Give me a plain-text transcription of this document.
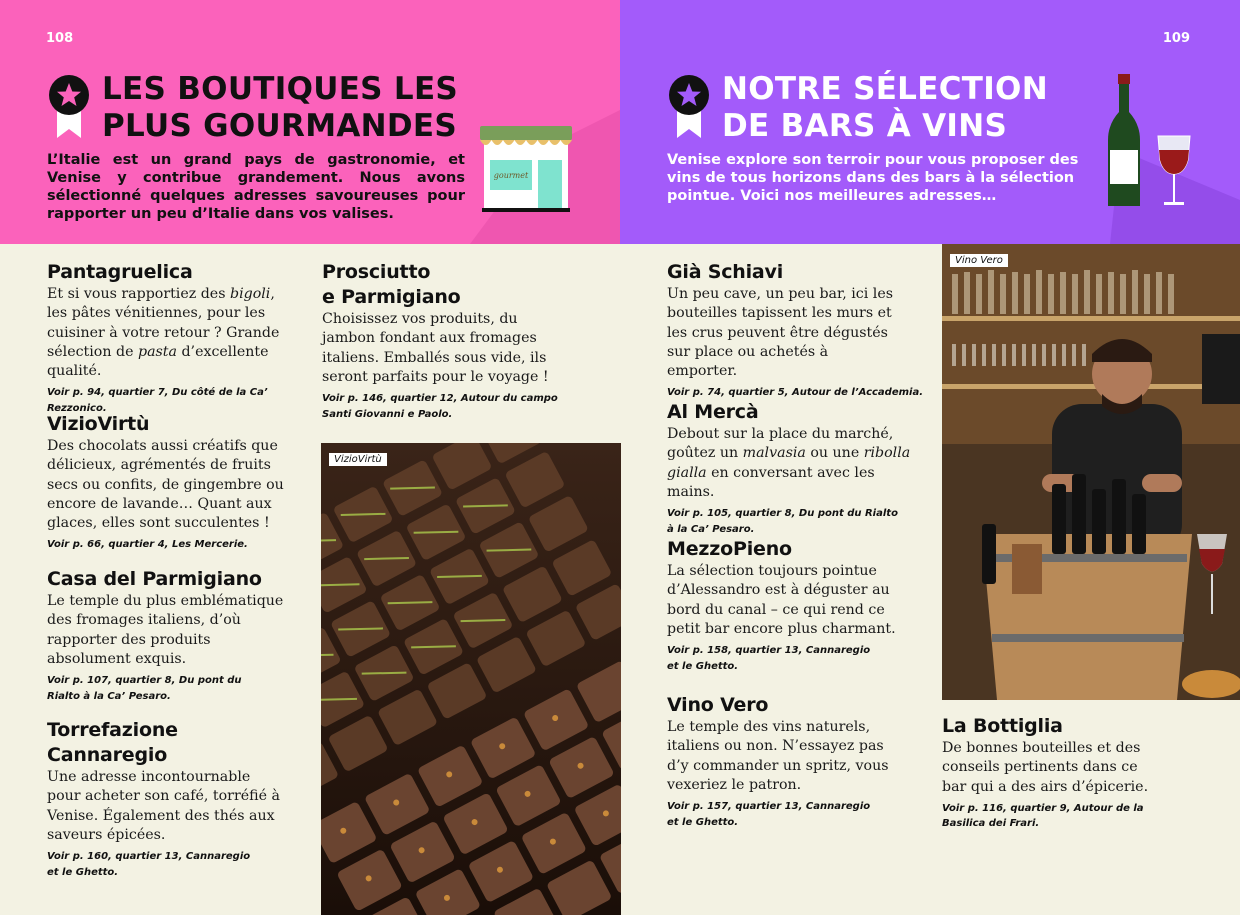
108
LES BOUTIQUES LES
PLUS GOURMANDES
L’Italie est un grand pays de gastronomie, et Venise y contribue grandement. Nous avons sélectionné quelques adresses savoureuses pour rapporter un peu d’Italie dans vos valises.
gourmet
109
NOTRE SÉLECTION
DE BARS À VINS
Venise explore son terroir pour vous proposer des vins de tous horizons dans des bars à la sélection pointue. Voici nos meilleures adresses…
Pantagruelica

Et si vous rapportiez des bigoli, les pâtes vénitiennes, pour les cuisiner à votre retour ? Grande sélection de pasta d’excellente qualité.

Voir p. 94, quartier 7, Du côté de la Ca’ Rezzonico.
VizioVirtù

Des chocolats aussi créatifs que délicieux, agrémentés de fruits secs ou confits, de gingembre ou encore de lavande… Quant aux glaces, elles sont succulentes !

Voir p. 66, quartier 4, Les Mercerie.
Casa del Parmigiano

Le temple du plus emblématique des fromages italiens, d’où rapporter des produits absolument exquis.

Voir p. 107, quartier 8, Du pont du Rialto à la Ca’ Pesaro.
Torrefazione
Cannaregio

Une adresse incontournable pour acheter son café, torréfié à Venise. Également des thés aux saveurs épicées.

Voir p. 160, quartier 13, Cannaregio et le Ghetto.
Prosciutto
e Parmigiano

Choisissez vos produits, du jambon fondant aux fromages italiens. Emballés sous vide, ils seront parfaits pour le voyage !

Voir p. 146, quartier 12, Autour du campo Santi Giovanni e Paolo.
VizioVirtù
Già Schiavi

Un peu cave, un peu bar, ici les bouteilles tapissent les murs et les crus peuvent être dégustés sur place ou achetés à emporter.

Voir p. 74, quartier 5, Autour de l’Accademia.
Al Mercà

Debout sur la place du marché, goûtez un malvasia ou une ribolla gialla en conversant avec les mains.

Voir p. 105, quartier 8, Du pont du Rialto à la Ca’ Pesaro.
MezzoPieno

La sélection toujours pointue d’Alessandro est à déguster au bord du canal – ce qui rend ce petit bar encore plus charmant.

Voir p. 158, quartier 13, Cannaregio et le Ghetto.
Vino Vero

Le temple des vins naturels, italiens ou non. N’essayez pas d’y commander un spritz, vous vexeriez le patron.

Voir p. 157, quartier 13, Cannaregio et le Ghetto.
Vino Vero
La Bottiglia

De bonnes bouteilles et des conseils pertinents dans ce bar qui a des airs d’épicerie.

Voir p. 116, quartier 9, Autour de la Basilica dei Frari.
